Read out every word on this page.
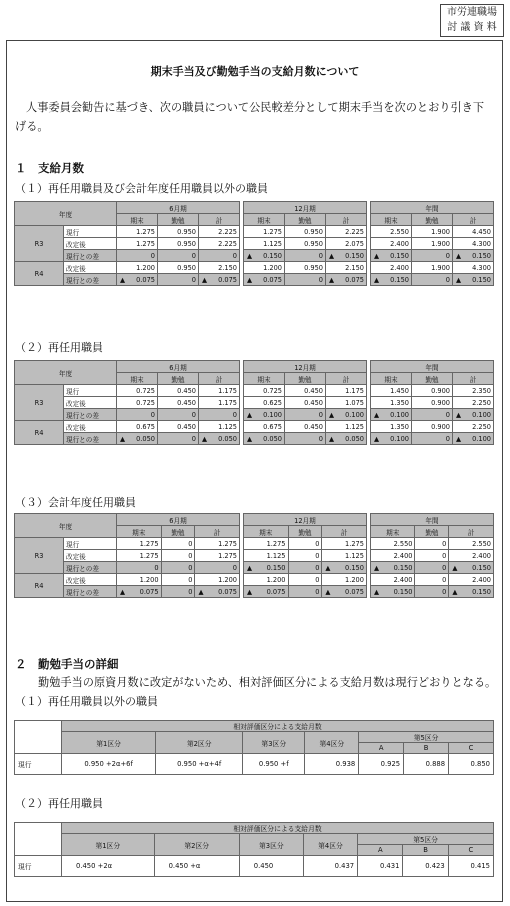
市労連職場
討 議 資 料
期末手当及び勤勉手当の支給月数について
人事委員会勧告に基づき、次の職員について公民較差分として期末手当を次のとおり引き下げる。
１　支給月数
（１）再任用職員及び会計年度任用職員以外の職員
年度		6月期				12月期				年間		
		期末	勤勉	計		期末	勤勉	計		期末	勤勉	計
R3	現行	1.275	0.950	2.225		1.275	0.950	2.225		2.550	1.900	4.450
	改定後	1.275	0.950	2.225		1.125	0.950	2.075		2.400	1.900	4.300
	現行との差	0	0	0		▲ 0.150	0	▲ 0.150		▲ 0.150	0	▲ 0.150
R4	改定後	1.200	0.950	2.150		1.200	0.950	2.150		2.400	1.900	4.300
	現行との差	▲ 0.075	0	▲ 0.075		▲ 0.075	0	▲ 0.075		▲ 0.150	0	▲ 0.150
（２）再任用職員
年度		6月期				12月期				年間		
		期末	勤勉	計		期末	勤勉	計		期末	勤勉	計
R3	現行	0.725	0.450	1.175		0.725	0.450	1.175		1.450	0.900	2.350
	改定後	0.725	0.450	1.175		0.625	0.450	1.075		1.350	0.900	2.250
	現行との差	0	0	0		▲ 0.100	0	▲ 0.100		▲ 0.100	0	▲ 0.100
R4	改定後	0.675	0.450	1.125		0.675	0.450	1.125		1.350	0.900	2.250
	現行との差	▲ 0.050	0	▲ 0.050		▲ 0.050	0	▲ 0.050		▲ 0.100	0	▲ 0.100
（３）会計年度任用職員
年度		6月期				12月期				年間		
		期末	勤勉	計		期末	勤勉	計		期末	勤勉	計
R3	現行	1.275	0	1.275		1.275	0	1.275		2.550	0	2.550
	改定後	1.275	0	1.275		1.125	0	1.125		2.400	0	2.400
	現行との差	0	0	0		▲ 0.150	0	▲ 0.150		▲ 0.150	0	▲ 0.150
R4	改定後	1.200	0	1.200		1.200	0	1.200		2.400	0	2.400
	現行との差	▲ 0.075	0	▲ 0.075		▲ 0.075	0	▲ 0.075		▲ 0.150	0	▲ 0.150
２　勤勉手当の詳細
勤勉手当の原資月数に改定がないため、相対評価区分による支給月数は現行どおりとなる。
（１）再任用職員以外の職員
	相対評価区分による支給月数						
	第1区分	第2区分	第3区分	第4区分	第5区分		
					A	B	C
現行	0.950 +2α+6f	0.950 +α+4f	0.950 +f	0.938	0.925	0.888	0.850
（２）再任用職員
	相対評価区分による支給月数						
	第1区分	第2区分	第3区分	第4区分	第5区分		
					A	B	C
現行	0.450 +2α	0.450 +α	0.450	0.437	0.431	0.423	0.415
